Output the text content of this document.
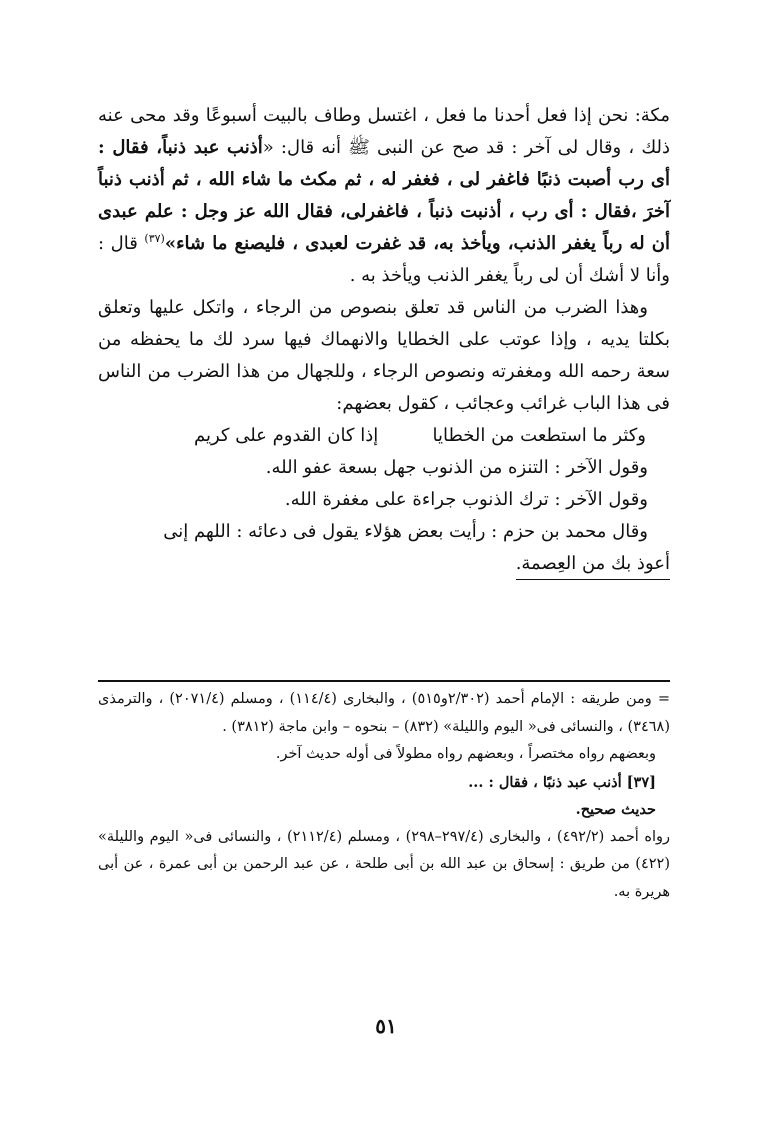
مكة: نحن إذا فعل أحدنا ما فعل ، اغتسل وطاف بالبيت أسبوعًا وقد محى عنه ذلك ، وقال لى آخر : قد صح عن النبى ﷺ أنه قال: «أذنب عبد ذنباً، فقال : أى رب أصبت ذنبًا فاغفر لى ، فغفر له ، ثم مكث ما شاء الله ، ثم أذنب ذنباً آخرَ ،فقال : أى رب ، أذنبت ذنباً ، فاغفرلى، فقال الله عز وجل : علم عبدى أن له رباً يغفر الذنب، ويأخذ به، قد غفرت لعبدى ، فليصنع ما شاء»$^{(٣٧)}$ قال : وأنا لا أشك أن لى رباً يغفر الذنب ويأخذ به .

وهذا الضرب من الناس قد تعلق بنصوص من الرجاء ، واتكل عليها وتعلق بكلتا يديه ، وإذا عوتب على الخطايا والانهماك فيها سرد لك ما يحفظه من سعة رحمه الله ومغفرته ونصوص الرجاء ، وللجهال من هذا الضرب من الناس فى هذا الباب غرائب وعجائب ، كقول بعضهم:

وكثر ما استطعت من الخطايا
إذا كان القدوم على كريم

وقول الآخر : التنزه من الذنوب جهل بسعة عفو الله.

وقول الآخر : ترك الذنوب جراءة على مغفرة الله.

وقال محمد بن حزم : رأيت بعض هؤلاء يقول فى دعائه : اللهم إنى

أعوذ بك من العِصمة.

= ومن طريقه : الإمام أحمد (٢/٣٠٢و٥١٥) ، والبخارى (١١٤/٤) ، ومسلم (٢٠٧١/٤) ، والترمذى (٣٤٦٨) ، والنسائى فى« اليوم والليلة» (٨٣٢) – بنحوه – وابن ماجة (٣٨١٢) .

وبعضهم رواه مختصراً ، وبعضهم رواه مطولاً فى أوله حديث آخر.

[٣٧] أذنب عبد ذنبًا ، فقال : ...

حديث صحيح.

رواه أحمد (٤٩٢/٢) ، والبخارى (٢٩٧/٤–٢٩٨) ، ومسلم (٢١١٢/٤) ، والنسائى فى« اليوم والليلة» (٤٢٢) من طريق : إسحاق بن عبد الله بن أبى طلحة ، عن عبد الرحمن بن أبى عمرة ، عن أبى هريرة به.

٥١
